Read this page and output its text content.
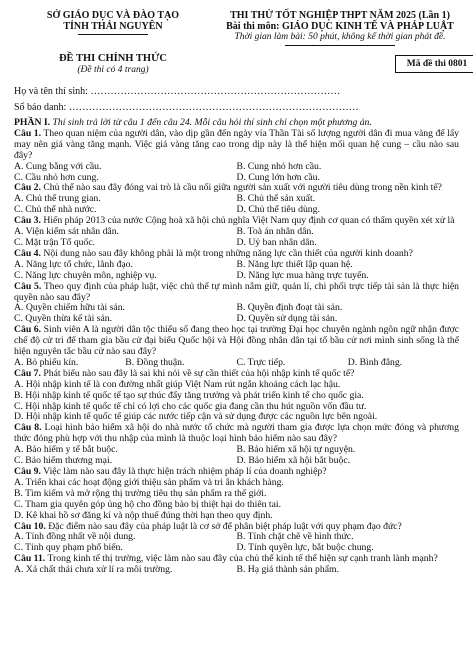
SỞ GIÁO DỤC VÀ ĐÀO TẠO
TỈNH THÁI NGUYÊN
ĐỀ THI CHÍNH THỨC
(Đề thi có 4 trang)
THI THỬ TỐT NGHIỆP THPT NĂM 2025 (Lần 1)
Bài thi môn: GIÁO DỤC KINH TẾ VÀ PHÁP LUẬT
Thời gian làm bài: 50 phút, không kể thời gian phát đề.
Mã đề thi 0801
Họ và tên thí sinh: …………………………………………………………………
Số báo danh: ……………………………………………………………………………

PHẦN I. Thí sinh trả lời từ câu 1 đến câu 24. Mỗi câu hỏi thí sinh chỉ chọn một phương án.

Câu 1. Theo quan niệm của người dân, vào dịp gần đến ngày vía Thần Tài số lượng người dân đi mua vàng để lấy may nên giá vàng tăng mạnh. Việc giá vàng tăng cao trong dịp này là thể hiện mối quan hệ cung – cầu nào sau đây?

A. Cung bằng với cầu.	B. Cung nhỏ hơn cầu.
C. Cầu nhỏ hơn cung.	D. Cung lớn hơn cầu.

Câu 2. Chủ thể nào sau đây đóng vai trò là cầu nối giữa người sản xuất với người tiêu dùng trong nền kinh tế?

A. Chủ thể trung gian.	B. Chủ thể sản xuất.
C. Chủ thể nhà nước.	D. Chủ thể tiêu dùng.

Câu 3. Hiến pháp 2013 của nước Cộng hoà xã hội chủ nghĩa Việt Nam quy định cơ quan có thẩm quyền xét xử là

A. Viện kiểm sát nhân dân.	B. Toà án nhân dân.
C. Mặt trận Tổ quốc.	D. Uỷ ban nhân dân.

Câu 4. Nội dung nào sau đây không phải là một trong những năng lực cần thiết của người kinh doanh?

A. Năng lực tổ chức, lãnh đạo.	B. Năng lực thiết lập quan hệ.
C. Năng lực chuyên môn, nghiệp vụ.	D. Năng lực mua hàng trực tuyến.

Câu 5. Theo quy định của pháp luật, việc chủ thể tự mình nắm giữ, quản lí, chi phối trực tiếp tài sản là thực hiện quyền nào sau đây?

A. Quyền chiếm hữu tài sản.	B. Quyền định đoạt tài sản.
C. Quyền thừa kế tài sản.	D. Quyền sử dụng tài sản.

Câu 6. Sinh viên A là người dân tộc thiểu số đang theo học tại trường Đại học chuyên ngành ngôn ngữ nhận được chế độ cử tri để tham gia bầu cử đại biểu Quốc hội và Hội đồng nhân dân tại tổ bầu cử nơi mình sinh sống là thể hiện nguyên tắc bầu cử nào sau đây?

A. Bỏ phiếu kín.	B. Đồng thuận.	C. Trực tiếp.	D. Bình đẳng.

Câu 7. Phát biểu nào sau đây là sai khi nói về sự cần thiết của hội nhập kinh tế quốc tế?

A. Hội nhập kinh tế là con đường nhất giúp Việt Nam rút ngắn khoảng cách lạc hậu.
B. Hội nhập kinh tế quốc tế tạo sự thúc đẩy tăng trưởng và phát triển kinh tế cho quốc gia.
C. Hội nhập kinh tế quốc tế chỉ có lợi cho các quốc gia đang cần thu hút nguồn vốn đầu tư.
D. Hội nhập kinh tế quốc tế giúp các nước tiếp cận và sử dụng được các nguồn lực bên ngoài.

Câu 8. Loại hình bảo hiểm xã hội do nhà nước tổ chức mà người tham gia được lựa chọn mức đóng và phương thức đóng phù hợp với thu nhập của mình là thuộc loại hình bảo hiểm nào sau đây?

A. Bảo hiểm y tế bắt buộc.	B. Bảo hiểm xã hội tự nguyện.
C. Bảo hiểm thương mại.	D. Bảo hiểm xã hội bắt buộc.

Câu 9. Việc làm nào sau đây là thực hiện trách nhiệm pháp lí của doanh nghiệp?

A. Triển khai các hoạt động giới thiệu sản phẩm và tri ân khách hàng.
B. Tìm kiếm và mở rộng thị trường tiêu thụ sản phẩm ra thế giới.
C. Tham gia quyên góp ủng hộ cho đồng bào bị thiệt hại do thiên tai.
D. Kê khai hồ sơ đăng kí và nộp thuế đúng thời hạn theo quy định.

Câu 10. Đặc điểm nào sau đây của pháp luật là cơ sở để phân biệt pháp luật với quy phạm đạo đức?

A. Tính đồng nhất về nội dung.	B. Tính chặt chẽ về hình thức.
C. Tính quy phạm phổ biến.	D. Tính quyền lực, bắt buộc chung.

Câu 11. Trong kinh tế thị trường, việc làm nào sau đây của chủ thể kinh tế thể hiện sự cạnh tranh lành mạnh?

A. Xả chất thải chưa xử lí ra môi trường.	B. Hạ giá thành sản phẩm.
